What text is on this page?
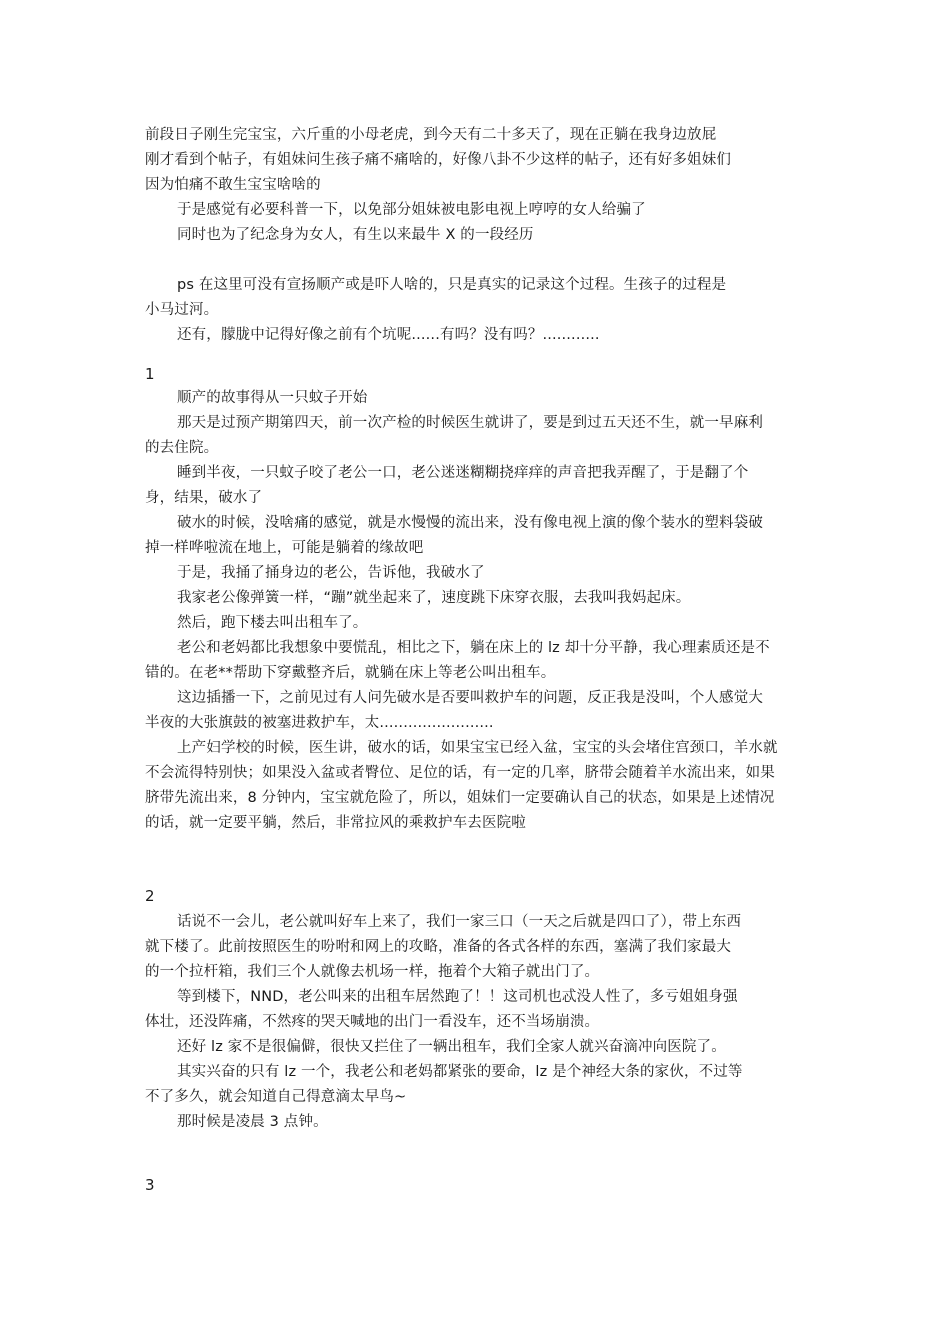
前段日子刚生完宝宝，六斤重的小母老虎，到今天有二十多天了，现在正躺在我身边放屁
刚才看到个帖子，有姐妹问生孩子痛不痛啥的，好像八卦不少这样的帖子，还有好多姐妹们
因为怕痛不敢生宝宝啥啥的
于是感觉有必要科普一下，以免部分姐妹被电影电视上哼哼的女人给骗了
同时也为了纪念身为女人，有生以来最牛 X 的一段经历
ps 在这里可没有宣扬顺产或是吓人啥的，只是真实的记录这个过程。生孩子的过程是
小马过河。
还有，朦胧中记得好像之前有个坑呢......有吗？没有吗？............
1
顺产的故事得从一只蚊子开始
那天是过预产期第四天，前一次产检的时候医生就讲了，要是到过五天还不生，就一早麻利
的去住院。
睡到半夜，一只蚊子咬了老公一口，老公迷迷糊糊挠痒痒的声音把我弄醒了，于是翻了个
身，结果，破水了
破水的时候，没啥痛的感觉，就是水慢慢的流出来，没有像电视上演的像个装水的塑料袋破
掉一样哗啦流在地上，可能是躺着的缘故吧
于是，我捅了捅身边的老公，告诉他，我破水了
我家老公像弹簧一样，“蹦”就坐起来了，速度跳下床穿衣服，去我叫我妈起床。
然后，跑下楼去叫出租车了。
老公和老妈都比我想象中要慌乱，相比之下，躺在床上的 lz 却十分平静，我心理素质还是不
错的。在老**帮助下穿戴整齐后，就躺在床上等老公叫出租车。
这边插播一下，之前见过有人问先破水是否要叫救护车的问题，反正我是没叫，个人感觉大
半夜的大张旗鼓的被塞进救护车，太........................
上产妇学校的时候，医生讲，破水的话，如果宝宝已经入盆，宝宝的头会堵住宫颈口，羊水就
不会流得特别快；如果没入盆或者臀位、足位的话，有一定的几率，脐带会随着羊水流出来，如果
脐带先流出来，8 分钟内，宝宝就危险了，所以，姐妹们一定要确认自己的状态，如果是上述情况
的话，就一定要平躺，然后，非常拉风的乘救护车去医院啦
2
话说不一会儿，老公就叫好车上来了，我们一家三口（一天之后就是四口了），带上东西
就下楼了。此前按照医生的吩咐和网上的攻略，准备的各式各样的东西，塞满了我们家最大
的一个拉杆箱，我们三个人就像去机场一样，拖着个大箱子就出门了。
等到楼下，NND，老公叫来的出租车居然跑了！！这司机也忒没人性了，多亏姐姐身强
体壮，还没阵痛，不然疼的哭天喊地的出门一看没车，还不当场崩溃。
还好 lz 家不是很偏僻，很快又拦住了一辆出租车，我们全家人就兴奋滴冲向医院了。
其实兴奋的只有 lz 一个，我老公和老妈都紧张的要命，lz 是个神经大条的家伙，不过等
不了多久，就会知道自己得意滴太早鸟~
那时候是凌晨 3 点钟。
3
